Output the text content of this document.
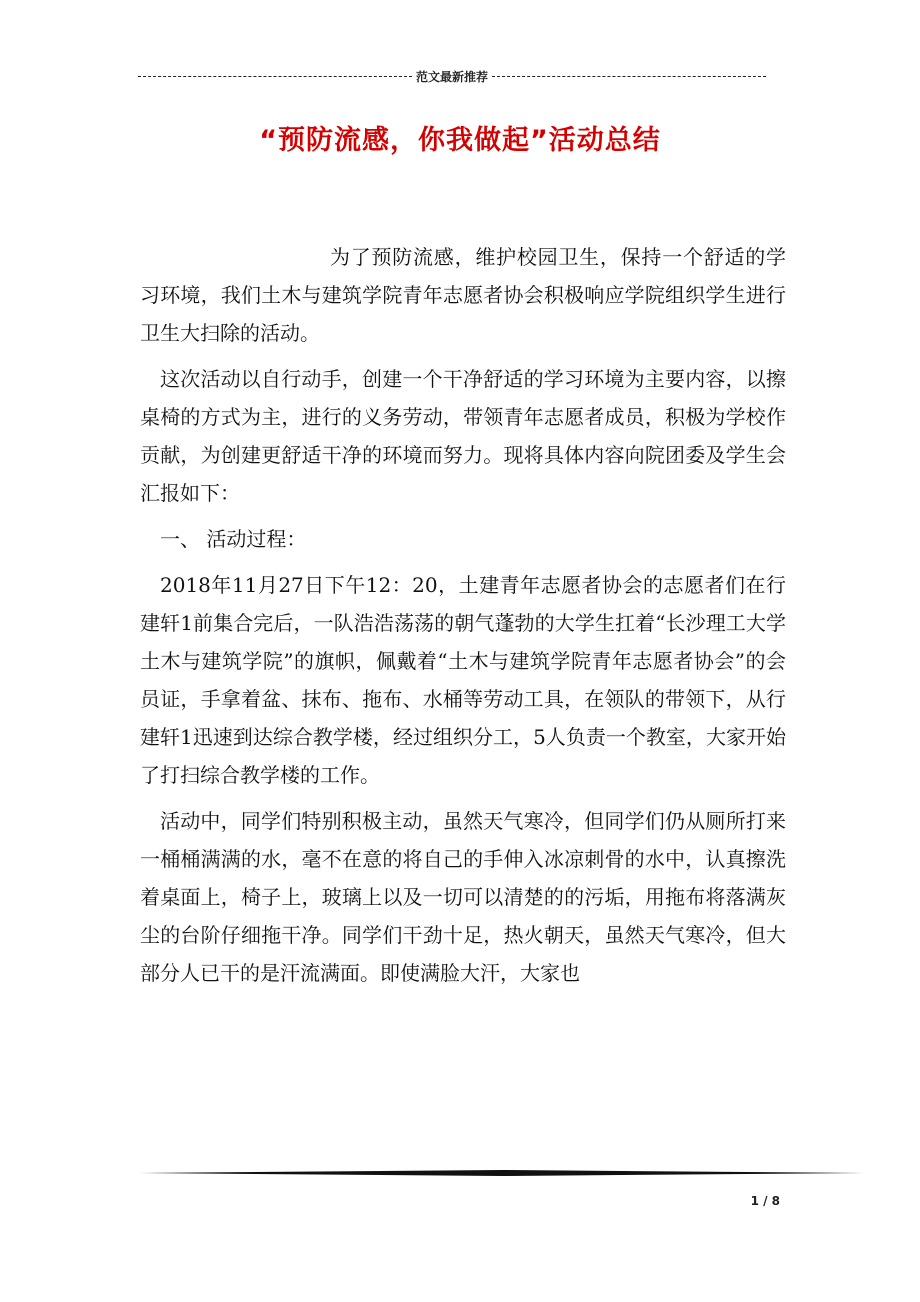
范文最新推荐
“预防流感，你我做起”活动总结

为了预防流感，维护校园卫生，保持一个舒适的学习环境，我们土木与建筑学院青年志愿者协会积极响应学院组织学生进行卫生大扫除的活动。

这次活动以自行动手，创建一个干净舒适的学习环境为主要内容，以擦桌椅的方式为主，进行的义务劳动，带领青年志愿者成员，积极为学校作贡献，为创建更舒适干净的环境而努力。现将具体内容向院团委及学生会汇报如下：

一、 活动过程：

2018年11月27日下午12：20，土建青年志愿者协会的志愿者们在行建轩1前集合完后，一队浩浩荡荡的朝气蓬勃的大学生扛着“长沙理工大学土木与建筑学院”的旗帜，佩戴着“土木与建筑学院青年志愿者协会”的会员证，手拿着盆、抹布、拖布、水桶等劳动工具，在领队的带领下，从行建轩1迅速到达综合教学楼，经过组织分工，5人负责一个教室，大家开始了打扫综合教学楼的工作。

活动中，同学们特别积极主动，虽然天气寒冷，但同学们仍从厕所打来一桶桶满满的水，毫不在意的将自己的手伸入冰凉刺骨的水中，认真擦洗着桌面上，椅子上，玻璃上以及一切可以清楚的的污垢，用拖布将落满灰尘的台阶仔细拖干净。同学们干劲十足，热火朝天，虽然天气寒冷，但大部分人已干的是汗流满面。即使满脸大汗，大家也

1 / 8
